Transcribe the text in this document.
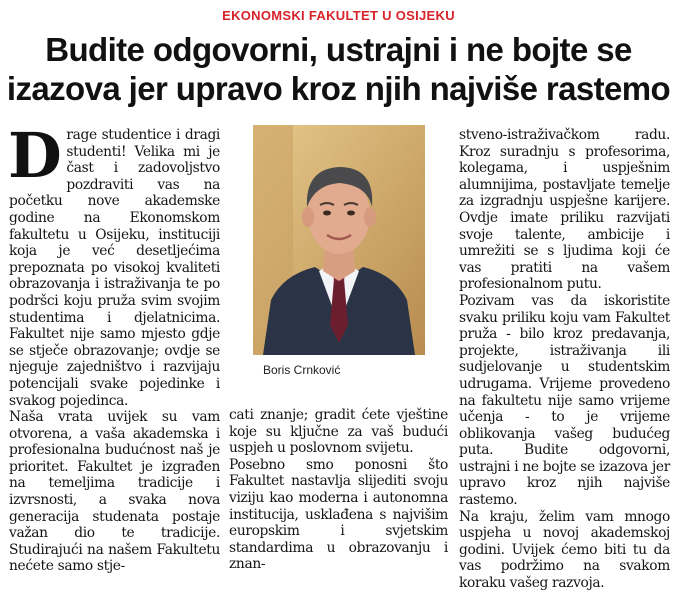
EKONOMSKI FAKULTET U OSIJEKU
Budite odgovorni, ustrajni i ne bojte se
izazova jer upravo kroz njih najviše rastemo

Drage studentice i dragi studenti! Velika mi je čast i zadovoljstvo pozdraviti vas na početku nove akademske godine na Ekonomskom fakultetu u Osijeku, instituciji koja je već desetljećima prepoznata po visokoj kvaliteti obrazovanja i istraživanja te po podršci koju pruža svim svojim studentima i djelatnicima. Fakultet nije samo mjesto gdje se stječe obrazovanje; ovdje se njeguje zajedništvo i razvijaju potencijali svake pojedinke i svakog pojedinca.

Naša vrata uvijek su vam otvorena, a vaša akademska i profesionalna budućnost naš je prioritet. Fakultet je izgrađen na temeljima tradicije i izvrsnosti, a svaka nova generacija studenata postaje važan dio te tradicije. Studirajući na našem Fakultetu nećete samo stje-

Boris Crnković

cati znanje; gradit ćete vještine koje su ključne za vaš budući uspjeh u poslovnom svijetu.

Posebno smo ponosni što Fakultet nastavlja slijediti svoju viziju kao moderna i autonomna institucija, usklađena s najvišim europskim i svjetskim standardima u obrazovanju i znan-

stveno-istraživačkom radu. Kroz suradnju s profesorima, kolegama, i uspješnim alumnijima, postavljate temelje za izgradnju uspješne karijere. Ovdje imate priliku razvijati svoje talente, ambicije i umrežiti se s ljudima koji će vas pratiti na vašem profesionalnom putu.

Pozivam vas da iskoristite svaku priliku koju vam Fakultet pruža - bilo kroz predavanja, projekte, istraživanja ili sudjelovanje u studentskim udrugama. Vrijeme provedeno na fakultetu nije samo vrijeme učenja - to je vrijeme oblikovanja vašeg budućeg puta. Budite odgovorni, ustrajni i ne bojte se izazova jer upravo kroz njih najviše rastemo.

Na kraju, želim vam mnogo uspjeha u novoj akademskoj godini. Uvijek ćemo biti tu da vas podržimo na svakom koraku vašeg razvoja.
